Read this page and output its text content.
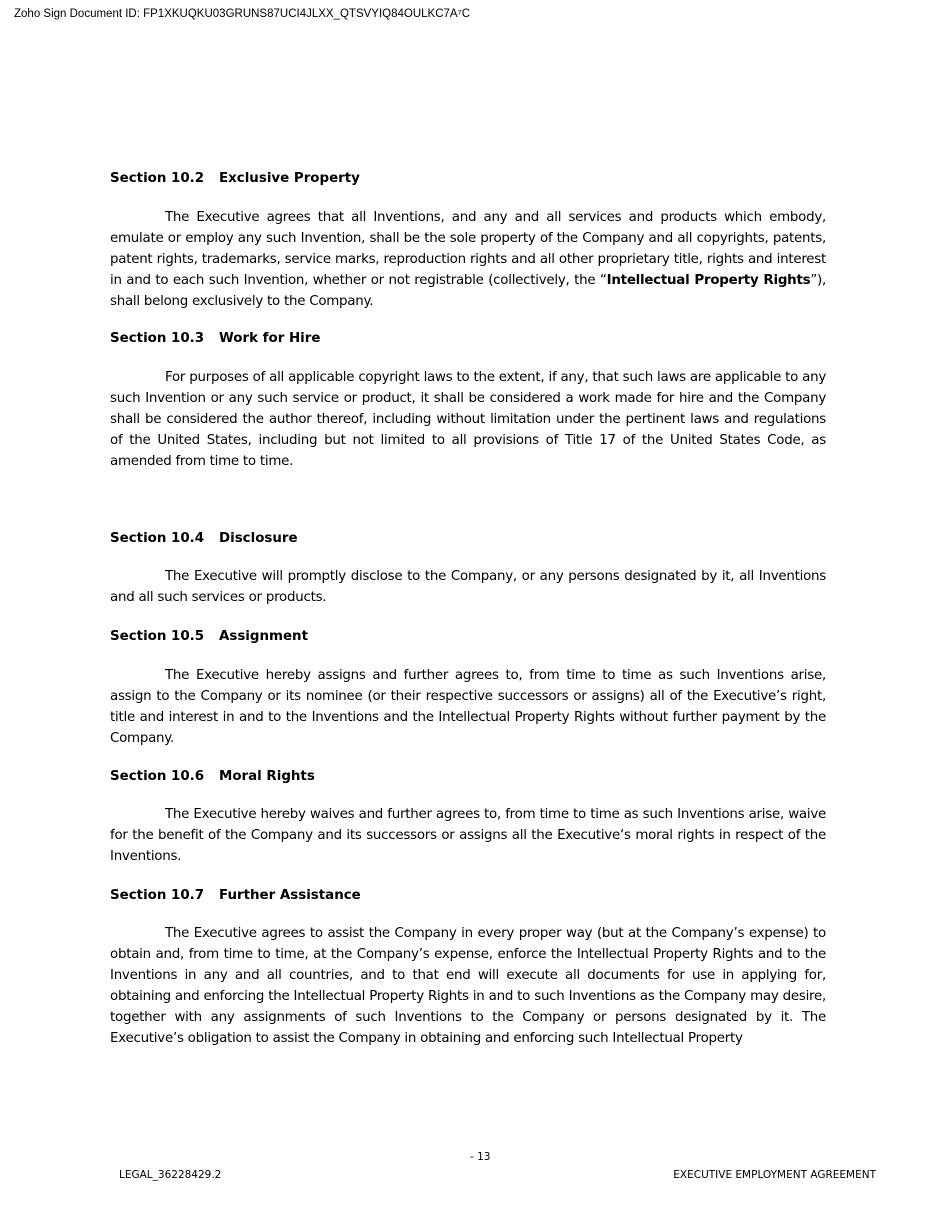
Zoho Sign Document ID: FP1XKUQKU03GRUNS87UCI4JLXX_QTSVYIQ84OULKC7A⁷C
Section 10.2 Exclusive Property

The Executive agrees that all Inventions, and any and all services and products which embody, emulate or employ any such Invention, shall be the sole property of the Company and all copyrights, patents, patent rights, trademarks, service marks, reproduction rights and all other proprietary title, rights and interest in and to each such Invention, whether or not registrable (collectively, the “Intellectual Property Rights”), shall belong exclusively to the Company.

Section 10.3 Work for Hire

For purposes of all applicable copyright laws to the extent, if any, that such laws are applicable to any such Invention or any such service or product, it shall be considered a work made for hire and the Company shall be considered the author thereof, including without limitation under the pertinent laws and regulations of the United States, including but not limited to all provisions of Title 17 of the United States Code, as amended from time to time.

Section 10.4 Disclosure

The Executive will promptly disclose to the Company, or any persons designated by it, all Inventions and all such services or products.

Section 10.5 Assignment

The Executive hereby assigns and further agrees to, from time to time as such Inventions arise, assign to the Company or its nominee (or their respective successors or assigns) all of the Executive’s right, title and interest in and to the Inventions and the Intellectual Property Rights without further payment by the Company.

Section 10.6 Moral Rights

The Executive hereby waives and further agrees to, from time to time as such Inventions arise, waive for the benefit of the Company and its successors or assigns all the Executive‘s moral rights in respect of the Inventions.

Section 10.7 Further Assistance

The Executive agrees to assist the Company in every proper way (but at the Company’s expense) to obtain and, from time to time, at the Company’s expense, enforce the Intellectual Property Rights and to the Inventions in any and all countries, and to that end will execute all documents for use in applying for, obtaining and enforcing the Intellectual Property Rights in and to such Inventions as the Company may desire, together with any assignments of such Inventions to the Company or persons designated by it. The Executive’s obligation to assist the Company in obtaining and enforcing such Intellectual Property

- 13
LEGAL_36228429.2	EXECUTIVE EMPLOYMENT AGREEMENT
